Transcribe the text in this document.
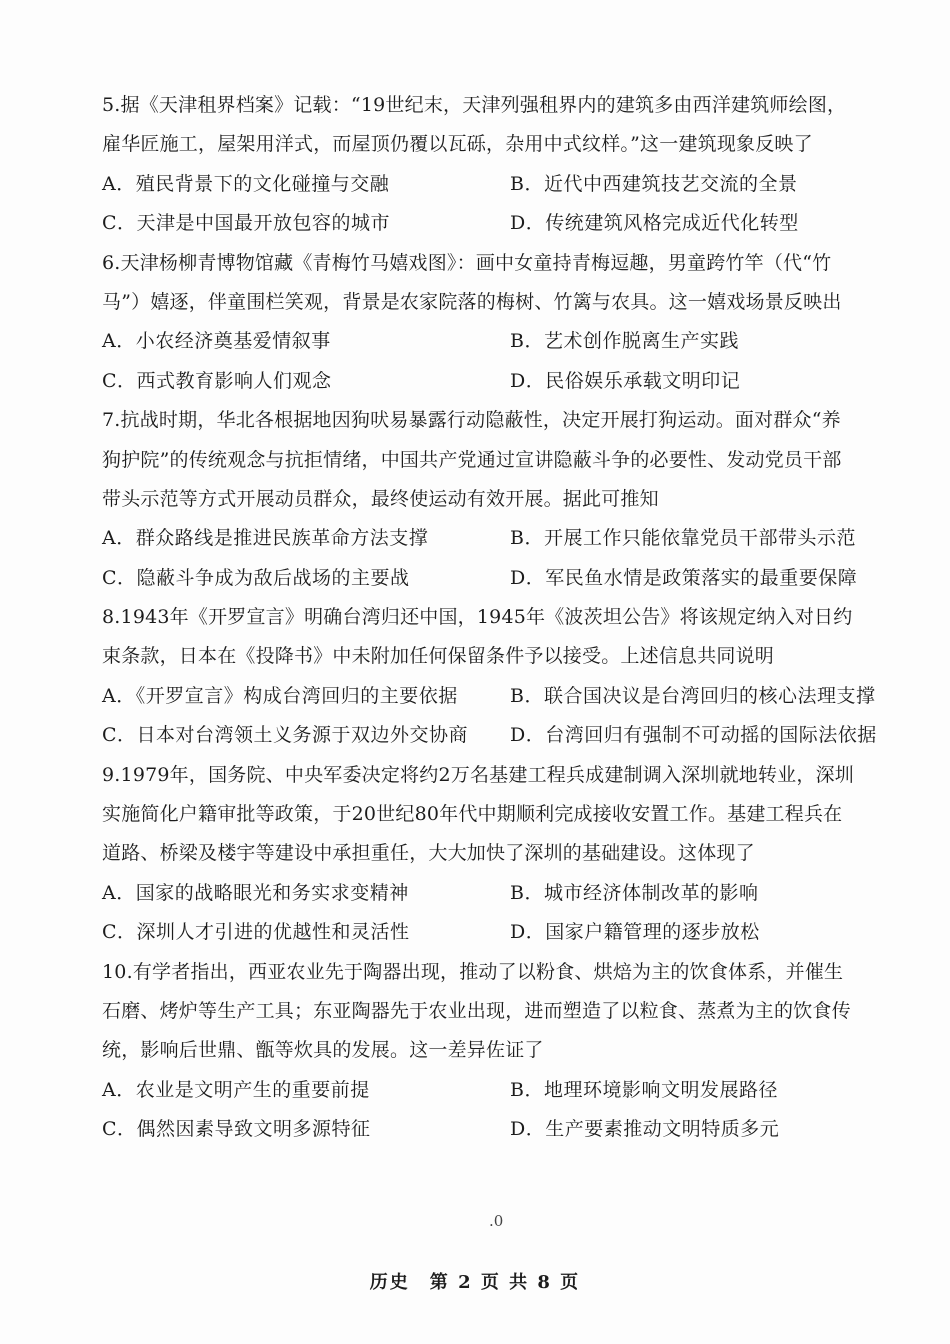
5.据《天津租界档案》记载：“19世纪末，天津列强租界内的建筑多由西洋建筑师绘图，
雇华匠施工，屋架用洋式，而屋顶仍覆以瓦砾，杂用中式纹样。”这一建筑现象反映了
A．殖民背景下的文化碰撞与交融	B．近代中西建筑技艺交流的全景
C．天津是中国最开放包容的城市	D．传统建筑风格完成近代化转型
6.天津杨柳青博物馆藏《青梅竹马嬉戏图》：画中女童持青梅逗趣，男童跨竹竿（代“竹
马”）嬉逐，伴童围栏笑观，背景是农家院落的梅树、竹篱与农具。这一嬉戏场景反映出
A．小农经济奠基爱情叙事	B．艺术创作脱离生产实践
C．西式教育影响人们观念	D．民俗娱乐承载文明印记
7.抗战时期，华北各根据地因狗吠易暴露行动隐蔽性，决定开展打狗运动。面对群众“养
狗护院”的传统观念与抗拒情绪，中国共产党通过宣讲隐蔽斗争的必要性、发动党员干部
带头示范等方式开展动员群众，最终使运动有效开展。据此可推知
A．群众路线是推进民族革命方法支撑	B．开展工作只能依靠党员干部带头示范
C．隐蔽斗争成为敌后战场的主要战	D．军民鱼水情是政策落实的最重要保障
8.1943年《开罗宣言》明确台湾归还中国，1945年《波茨坦公告》将该规定纳入对日约
束条款，日本在《投降书》中未附加任何保留条件予以接受。上述信息共同说明
A．《开罗宣言》构成台湾回归的主要依据	B．联合国决议是台湾回归的核心法理支撑
C．日本对台湾领土义务源于双边外交协商	D．台湾回归有强制不可动摇的国际法依据
9.1979年，国务院、中央军委决定将约2万名基建工程兵成建制调入深圳就地转业，深圳
实施简化户籍审批等政策，于20世纪80年代中期顺利完成接收安置工作。基建工程兵在
道路、桥梁及楼宇等建设中承担重任，大大加快了深圳的基础建设。这体现了
A．国家的战略眼光和务实求变精神	B．城市经济体制改革的影响
C．深圳人才引进的优越性和灵活性	D．国家户籍管理的逐步放松
10.有学者指出，西亚农业先于陶器出现，推动了以粉食、烘焙为主的饮食体系，并催生
石磨、烤炉等生产工具；东亚陶器先于农业出现，进而塑造了以粒食、蒸煮为主的饮食传
统，影响后世鼎、甑等炊具的发展。这一差异佐证了
A．农业是文明产生的重要前提	B．地理环境影响文明发展路径
C．偶然因素导致文明多源特征	D．生产要素推动文明特质多元
.0
历史　第 2 页 共 8 页
